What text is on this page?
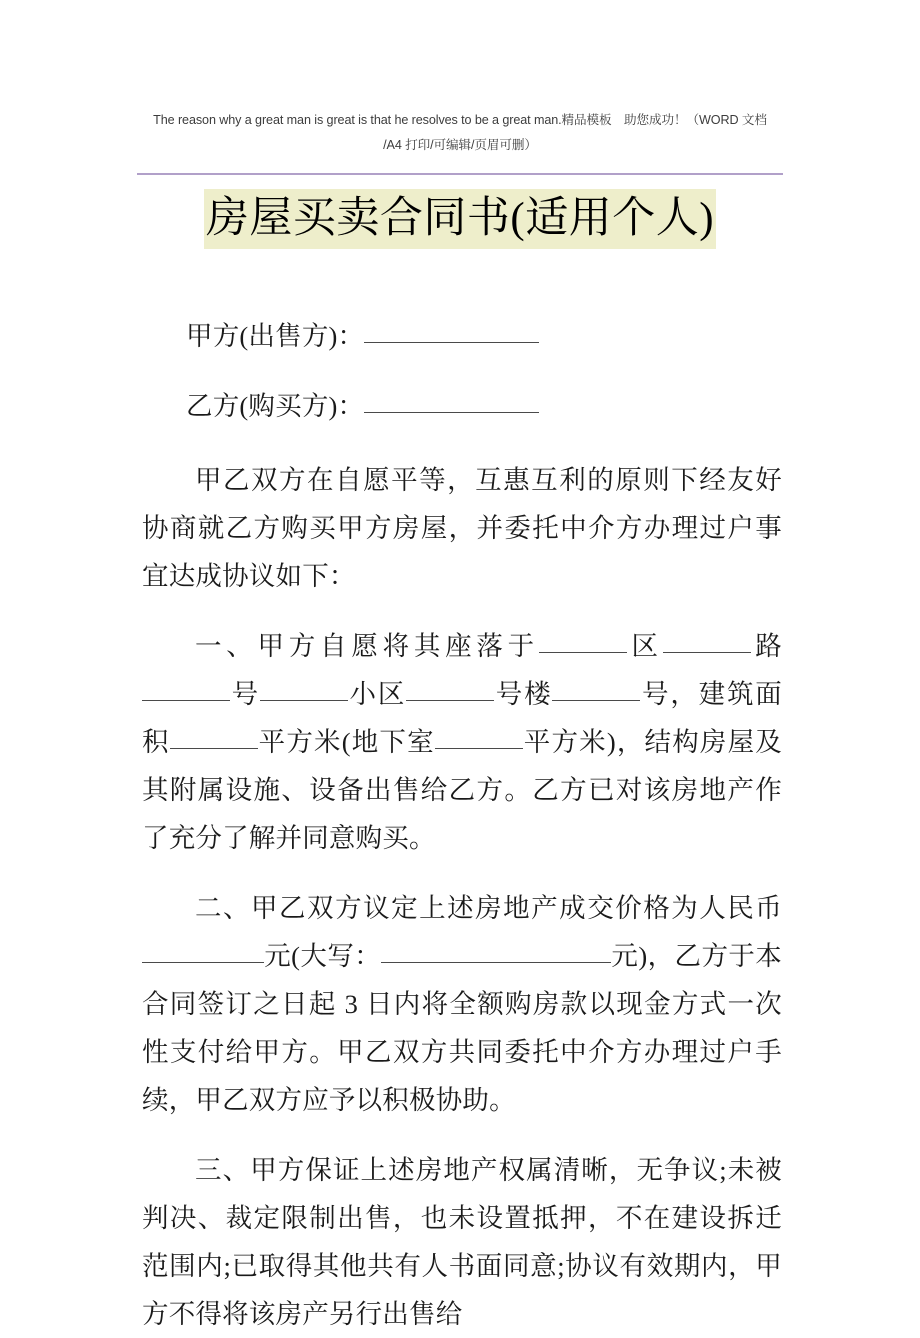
The reason why a great man is great is that he resolves to be a great man.精品模板　助您成功！（WORD 文档
/A4 打印/可编辑/页眉可删）
房屋买卖合同书(适用个人)

甲方(出售方)：

乙方(购买方)：

甲乙双方在自愿平等，互惠互利的原则下经友好协商就乙方购买甲方房屋，并委托中介方办理过户事宜达成协议如下：

一、甲方自愿将其座落于	区	路号	小区	号楼	号，建筑面积	平方米(地下室	平方米)，结构房屋及其附属设施、设备出售给乙方。乙方已对该房地产作了充分了解并同意购买。

二、甲乙双方议定上述房地产成交价格为人民币元(大写：	元)，乙方于本合同签订之日起 3 日内将全额购房款以现金方式一次性支付给甲方。甲乙双方共同委托中介方办理过户手续，甲乙双方应予以积极协助。

三、甲方保证上述房地产权属清晰，无争议;未被判决、裁定限制出售，也未设置抵押，不在建设拆迁范围内;已取得其他共有人书面同意;协议有效期内，甲方不得将该房产另行出售给
